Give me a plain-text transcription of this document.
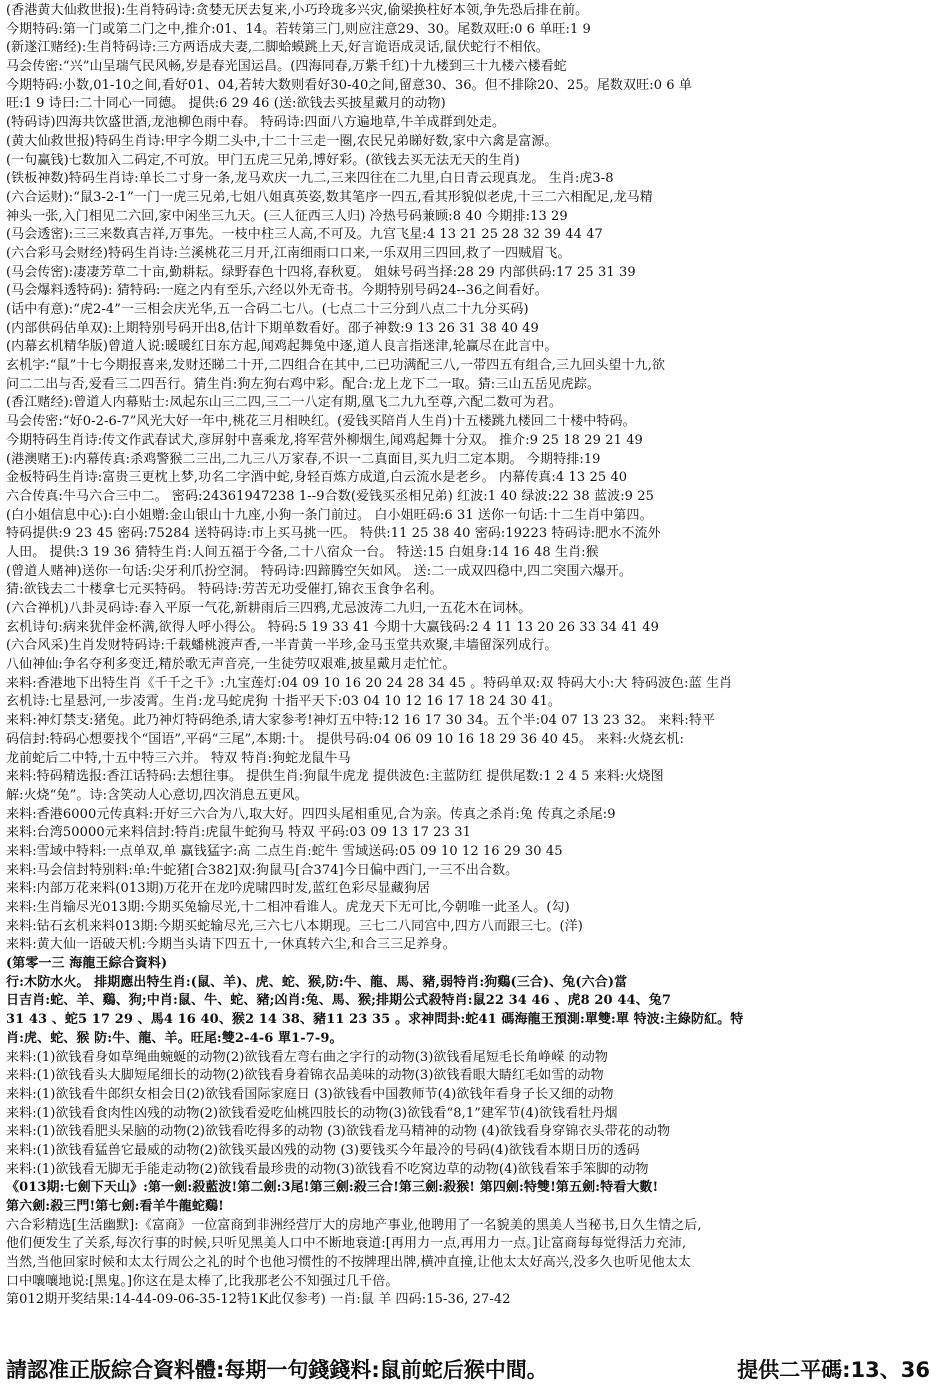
(香港黄大仙救世报):生肖特码诗:贪婪无厌去复来,小巧玲珑多兴灾,偷梁换柱好本领,争先恐后排在前。
今期特码:第一门或第二门之中,推介:01、14。若转第三门,则应注意29、30。尾数双旺:0 6 单旺:1 9
(新遂江赌经):生肖特码诗:三方两语成夫妻,二脚蛤蟆跳上天,好言诡语成灵话,鼠伏蛇行不相依。
马会传密:“兴”山呈瑞气民风畅,岁是春光国运昌。(四海同春,万紫千红)十九楼到三十九楼六楼看蛇
今期特码:小数,01-10之间,看好01、04,若转大数则看好30-40之间,留意30、36。但不排除20、25。尾数双旺:0 6 单
旺:1 9 诗曰:二十同心一同德。 提供:6 29 46 (送:欲钱去买披星戴月的动物)
(特码诗)四海共饮盛世酒,龙池柳色雨中春。 特码诗:四面八方遍地草,牛羊成群到处走。
(黄大仙救世报)特码生肖诗:甲字今期二头中,十二十三走一圈,农民兄弟睇好数,家中六禽是富源。
(一句赢钱)七数加入二码定,不可放。甲门五虎三兄弟,博好彩。(欲钱去买无法无天的生肖)
(铁板神数)特码生肖诗:单长二寸身一条,龙马欢庆一九二,三来四往在二九里,白日青云现真龙。 生肖:虎3-8
(六合运财):“鼠3-2-1”一门一虎三兄弟,七姐八姐真英姿,数其笔序一四五,看其形貌似老虎,十三二六相配足,龙马精
神头一张,入门相见二六回,家中闲坐三九天。(三人征西三人归) 冷热号码兼顾:8 40 今期排:13 29
(马会透密):三三来数真吉祥,万事先。一枝中柱三人高,不可及。九宫飞星:4 13 21 25 28 32 39 44 47
(六合彩马会财经)特码生肖诗:兰溪桃花三月开,江南细雨口口来,一乐双用三四回,救了一四贼眉飞。
(马会传密):凄凄芳草二十亩,勤耕耘。绿野春色十四将,春秋夏。 姐妹号码当择:28 29 内部供码:17 25 31 39
(马会爆料透特码): 猜特码:一庭之内有至乐,六经以外无奇书。今期特别号码24--36之间看好。
(话中有意):“虎2-4”一三相会庆光华,五一合码二七八。(七点二十三分到八点二十九分买码)
(内部供码估单双):上期特别号码开出8,估计下期单数看好。邵子神数:9 13 26 31 38 40 49
(内幕玄机精华版)曾道人说:暖暖红日东方起,闻鸡起舞兔中逐,道人良言指迷津,轮赢尽在此言中。
玄机字:“鼠”十七今期报喜来,发财还睇二十开,二四组合在其中,二已功满配三八,一带四五有组合,三九回头望十九,欲
问二二出与否,爱看三二四吾行。猜生肖:狗左狗右鸡中彩。配合:龙上龙下二一取。猜:三山五岳见虎踪。
(香江赌经):曾道人内幕贴士:凤起东山三二四,三二一八定有期,凰飞二九九至尊,六配二数可为君。
马会传密:“好0-2-6-7”风光大好一年中,桃花三月相映红。(爱钱买陪肖人生肖)十五楼跳九楼回二十楼中特码。
今期特码生肖诗:传文作武春试犬,彦屏射中喜乘龙,将军营外柳烟生,闻鸡起舞十分双。 推介:9 25 18 29 21 49
(港澳赌王):内幕传真:杀鸡警猴二三出,二九三八万家春,不识一二真面目,买九归二定本期。 今期特排:19
金板特码生肖诗:富贵三更枕上梦,功名二字酒中蛇,身轻百炼方成道,白云流水是老乡。 内幕传真:4 13 25 40
六合传真:牛马六合三中二。 密码:24361947238 1--9合数(爱钱买丞相兄弟) 红波:1 40 绿波:22 38 蓝波:9 25
(白小姐信息中心):白小姐赠:金山银山十九座,小狗一条门前过。 白小姐旺码:6 31 送你一句话:十二生肖中第四。
特码提供:9 23 45 密码:75284 送特码诗:市上买马挑一匹。 特供:11 25 38 40 密码:19223 特码诗:肥水不流外
人田。 提供:3 19 36 猜特生肖:人间五福于今备,二十八宿众一台。 特送:15 白姐身:14 16 48 生肖:猴
(曾道人赌神)送你一句话:尖牙利爪扮空洞。 特码诗:四蹄腾空矢如风。 送:二一成双四稳中,四二突围六爆开。
猜:欲钱去二十楼拿七元买特码。 特码诗:劳苦无功受催打,锦衣玉食争名利。
(六合禅机)八卦灵码诗:春入平原一气花,新耕雨后三四鸦,尤忌波涛二九归,一五花木在词林。
玄机诗句:病来犹伴金杯满,欲得人呼小得公。 特码:5 19 33 41 今期十大赢钱码:2 4 11 13 20 26 33 34 41 49
(六合风采)生肖发财特码诗:千载蟠桃渡声香,一半青黄一半珍,金马玉堂共欢聚,丰墙留深列成行。
八仙神仙:争名夺利多变迁,精於歌无声音亮,一生徒劳叹艰难,披星戴月走忙忙。
来料:香港地下出特生肖《千千之千》:九宝莲灯:04 09 10 16 20 24 28 34 45 。特码单双:双 特码大小:大 特码波色:蓝 生肖
玄机诗:七星悬河,一步凌霄。生肖:龙马蛇虎狗 十指平天下:03 04 10 12 16 17 18 24 30 41。
来料:神灯禁支:猪兔。此乃神灯特码绝杀,请大家参考!神灯五中特:12 16 17 30 34。五个半:04 07 13 23 32。 来料:特平
码信封:特码心想要找个“国语”,平码“三尾”,本期:十。 提供号码:04 06 09 10 16 18 29 36 40 45。 来料:火烧玄机:
龙前蛇后二中特,十五中特三六并。 特双 特肖:狗蛇龙鼠牛马
来料:特码精选报:香江话特码:去想往事。 提供生肖:狗鼠牛虎龙 提供波色:主蓝防红 提供尾数:1 2 4 5 来料:火烧图
解:火烧“兔”。诗:含笑动人心意切,四次消息五更风。
来料:香港6000元传真料:开好三六合为八,取大好。四四头尾相重见,合为亲。传真之杀肖:兔 传真之杀尾:9
来料:台湾50000元来料信封:特肖:虎鼠牛蛇狗马 特双 平码:03 09 13 17 23 31
来料:雪域中特料:一点单双,单 赢钱猛字:高 二点生肖:蛇牛 雪域送码:05 09 10 12 16 29 30 45
来料:马会信封特别料:单:牛蛇猪[合382]双:狗鼠马[合374]今日偏中西门,一三不出合数。
来料:内部万花来料(013期)万花开在龙吟虎啸四时发,蓝红色彩尽显藏狗居
来料:生肖输尽光013期:今期买兔输尽光,十二相冲看谁人。虎龙天下无可比,今朝唯一此圣人。(勾)
来料:钻石玄机来料013期:今期买蛇输尽光,三六七八本期现。三七二八同宫中,四方八而跟三七。(洋)
来料:黄大仙一语破天机:今期当头请下四五十,一休真转六尘,和合三三足养身。
(第零一三 海龍王綜合資料)
行:木防水火。 排期應出特生肖:(鼠、羊)、虎、蛇、猴,防:牛、龍、馬、豬,弱特肖:狗鷄(三合)、兔(六合)當
日吉肖:蛇、羊、鷄、狗;中肖:鼠、牛、蛇、豬;凶肖:兔、馬、猴;排期公式殺特肖:鼠22 34 46 、虎8 20 44、兔7
31 43 、蛇5 17 29 、馬4 16 40、猴2 14 38、豬11 23 35 。求神問卦:蛇41 碼海龍王預測:單雙:單 特波:主綠防紅。特
肖:虎、蛇、猴 防:牛、龍、羊。旺尾:雙2-4-6 單1-7-9。
来料:(1)欲钱看身如草绳曲蜿蜒的动物(2)欲钱看左弯右曲之字行的动物(3)欲钱看尾短毛长角峥嵘 的动物
来料:(1)欲钱看头大脚短尾细长的动物(2)欲钱看身着锦衣品美味的动物(3)欲钱看眼大睛红毛如雪的动物
来料:(1)欲钱看牛郎织女相会日(2)欲钱看国际家庭日 (3)欲钱看中国教师节(4)欲钱年看身子长又细的动物
来料:(1)欲钱看食肉性凶残的动物(2)欲钱看爱吃仙桃四肢长的动物(3)欲钱看“8,1”建军节(4)欲钱看牡丹烟
来料:(1)欲钱看肥头呆脑的动物(2)欲钱看吃得多的动物 (3)欲钱看龙马精神的动物 (4)欲钱看身穿锦衣头带花的动物
来料:(1)欲钱看猛兽它最威的动物(2)欲钱买最凶残的动物 (3)要钱买今年最冷的号码(4)欲钱看本期日历的透码
来料:(1)欲钱看无脚无手能走动物(2)欲钱看最珍贵的动物(3)欲钱看不吃窝边草的动物(4)欲钱看笨手笨脚的动物
《013期:七劍下天山》:第一劍:殺藍波!第二劍:3尾!第三劍:殺三合!第三劍:殺猴! 第四劍:特雙!第五劍:特看大數!
第六劍:殺三門!第七劍:看羊牛龍蛇鷄!
六合彩精选[生活幽默]:《富商》一位富商到非洲经营厅大的房地产事业,他聘用了一名貌美的黑美人当秘书,日久生情之后,
他们便发生了关系,每次行事的时候,只听见黑美人口中不断地衰道:[再用力一点,再用力一点。]让富商每每觉得活力充沛,
当然,当他回家时候和太太行周公之礼的时个也他习惯性的不按牌理出牌,横冲直撞,让他太太好高兴,没多久也听见他太太
口中嚷嚷地说:[黑鬼。]你这在是太棒了,比我那老公不知强过几千倍。
第012期开奖结果:14-44-09-06-35-12特1K此仅参考) 一肖:鼠 羊 四码:15-36, 27-42
請認准正版綜合資料體:每期一句錢錢料:鼠前蛇后猴中間。	提供二平碼:13、36
